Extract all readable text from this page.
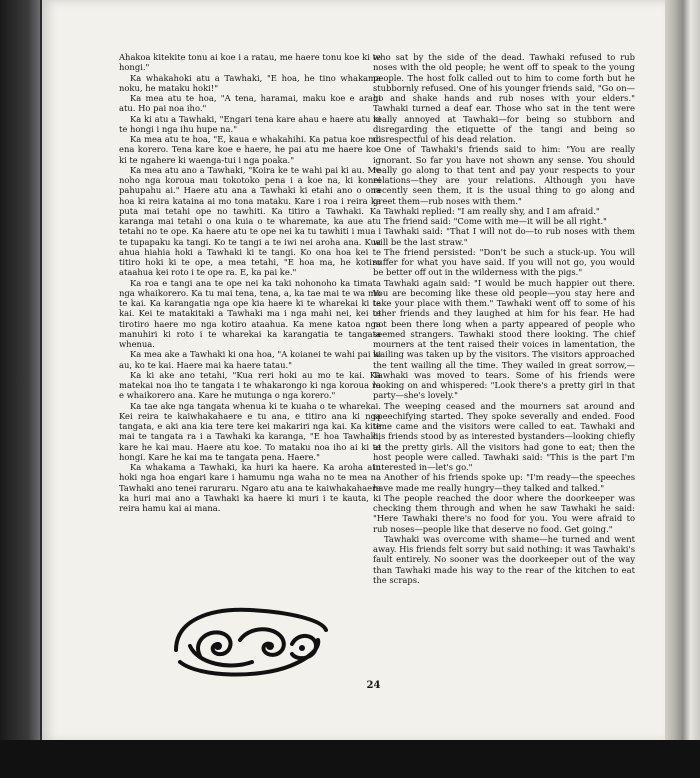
Ahakoa kitekite tonu ai koe i a ratau, me haere tonu koe ki te hongi."

Ka whakahoki atu a Tawhaki, "E hoa, he tino whakama noku, he mataku hoki!"

Ka mea atu te hoa, "A tena, haramai, maku koe e arahi atu. Ho pai noa iho."

Ka ki atu a Tawhaki, "Engari tena kare ahau e haere atu ki te hongi i nga ihu hupe na."

Ka mea atu te hoa, "E, kaua e whakahihi. Ka patua koe mo ena korero. Tena kare koe e haere, he pai atu me haere koe ki te ngahere ki waenga-tui i nga poaka."

Ka mea atu ano a Tawhaki, "Koira ke te wahi pai ki au. Me noho nga koroua mau tokotoko pena i a koe na, ki konei pahupahu ai." Haere atu ana a Tawhaki ki etahi ano o ona hoa ki reira kataina ai mo tona mataku. Kare i roa i reira ka puta mai tetahi ope no tawhiti. Ka titiro a Tawhaki. Ka karanga mai tetahi o ona kuia o te wharemate, ka aue atu tetahi no te ope. Ka haere atu te ope nei ka tu tawhiti i mua i te tupapaku ka tangi. Ko te tangi a te iwi nei aroha ana. Kua ahua hiahia hoki a Tawhaki ki te tangi. Ko ona hoa kei te titiro hoki ki te ope, a mea tetahi, "E hoa ma, he kotiro ataahua kei roto i te ope ra. E, ka pai ke."

Ka roa e tangi ana te ope nei ka taki nohonoho ka timata nga whaikorero. Ka tu mai tena, tena, a, ka tae mai te wa mo te kai. Ka karangatia nga ope kia haere ki te wharekai ki te kai. Kei te matakitaki a Tawhaki ma i nga mahi nei, kei te tirotiro haere mo nga kotiro ataahua. Ka mene katoa nga manuhiri ki roto i te wharekai ka karangatia te tangata whenua.

Ka mea ake a Tawhaki ki ona hoa, "A koianei te wahi pai ki au, ko te kai. Haere mai ka haere tatau."

Ka ki ake ano tetahi, "Kua reri hoki au mo te kai. Ka matekai noa iho te tangata i te whakarongo ki nga koroua ra e whaikorero ana. Kare he mutunga o nga korero."

Ka tae ake nga tangata whenua ki te kuaha o te wharekai. Kei reira te kaiwhakahaere e tu ana, e titiro ana ki nga tangata, e aki ana kia tere tere kei makariri nga kai. Ka kite mai te tangata ra i a Tawhaki ka karanga, "E hoa Tawhaki, kare he kai mau. Haere atu koe. To mataku noa iho ai ki te hongi. Kare he kai ma te tangata pena. Haere."

Ka whakama a Tawhaki, ka huri ka haere. Ka aroha atu hoki nga hoa engari kare i hamumu nga waha no te mea na Tawhaki ano tenei raruraru. Ngaro atu ana te kaiwhakahaere ka huri mai ano a Tawhaki ka haere ki muri i te kauta, ki reira hamu kai ai mana.

who sat by the side of the dead. Tawhaki refused to rub noses with the old people; he went off to speak to the young people. The host folk called out to him to come forth but he stubbornly refused. One of his younger friends said, "Go on—go and shake hands and rub noses with your elders." Tawhaki turned a deaf ear. Those who sat in the tent were really annoyed at Tawhaki—for being so stubborn and disregarding the etiquette of the tangi and being so disrespectful of his dead relation.

One of Tawhaki's friends said to him: "You are really ignorant. So far you have not shown any sense. You should really go along to that tent and pay your respects to your relations—they are your relations. Although you have recently seen them, it is the usual thing to go along and greet them—rub noses with them."

Tawhaki replied: "I am really shy, and I am afraid."

The friend said: "Come with me—it will be all right."

Tawhaki said: "That I will not do—to rub noses with them will be the last straw."

The friend persisted: "Don't be such a stuck-up. You will suffer for what you have said. If you will not go, you would be better off out in the wilderness with the pigs."

Tawhaki again said: "I would be much happier out there. You are becoming like these old people—you stay here and take your place with them." Tawhaki went off to some of his other friends and they laughed at him for his fear. He had not been there long when a party appeared of people who seemed strangers. Tawhaki stood there looking. The chief mourners at the tent raised their voices in lamentation, the wailing was taken up by the visitors. The visitors approached the tent wailing all the time. They wailed in great sorrow,—Tawhaki was moved to tears. Some of his friends were looking on and whispered: "Look there's a pretty girl in that party—she's lovely."

The weeping ceased and the mourners sat around and speechifying started. They spoke severally and ended. Food time came and the visitors were called to eat. Tawhaki and his friends stood by as interested bystanders—looking chiefly at the pretty girls. All the visitors had gone to eat; then the host people were called. Tawhaki said: "This is the part I'm interested in—let's go."

Another of his friends spoke up: "I'm ready—the speeches have made me really hungry—they talked and talked."

The people reached the door where the doorkeeper was checking them through and when he saw Tawhaki he said: "Here Tawhaki there's no food for you. You were afraid to rub noses—people like that deserve no food. Get going."

Tawhaki was overcome with shame—he turned and went away. His friends felt sorry but said nothing: it was Tawhaki's fault entirely. No sooner was the doorkeeper out of the way than Tawhaki made his way to the rear of the kitchen to eat the scraps.

24
